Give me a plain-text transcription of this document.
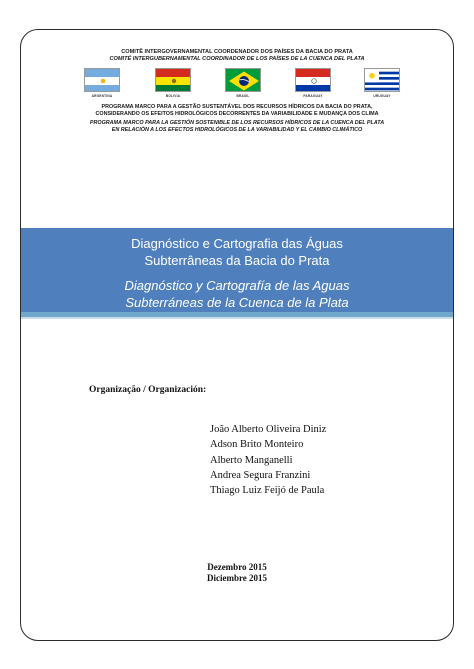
COMITÊ INTERGOVERNAMENTAL COORDENADOR DOS PAÍSES DA BACIA DO PRATA
COMITÉ INTERGUBERNAMENTAL COORDINADOR DE LOS PAÍSES DE LA CUENCA DEL PLATA
ARGENTINA	BOLIVIA	BRASIL	PARAGUAY	URUGUAY
PROGRAMA MARCO PARA A GESTÃO SUSTENTÁVEL DOS RECURSOS HÍDRICOS DA BACIA DO PRATA,
CONSIDERANDO OS EFEITOS HIDROLÓGICOS DECORRENTES DA VARIABILIDADE E MUDANÇA DOS CLIMA
PROGRAMA MARCO PARA LA GESTIÓN SOSTENIBLE DE LOS RECURSOS HÍDRICOS DE LA CUENCA DEL PLATA
EN RELACIÓN A LOS EFECTOS HIDROLÓGICOS DE LA VARIABILIDAD Y EL CAMBIO CLIMÁTICO
Diagnóstico e Cartografia das Águas
Subterrâneas da Bacia do Prata
Diagnóstico y Cartografía de las Aguas
Subterráneas de la Cuenca de la Plata
Organização / Organización:
João Alberto Oliveira Diniz
Adson Brito Monteiro
Alberto Manganelli
Andrea Segura Franzini
Thiago Luiz Feijó de Paula
Dezembro 2015
Diciembre 2015
